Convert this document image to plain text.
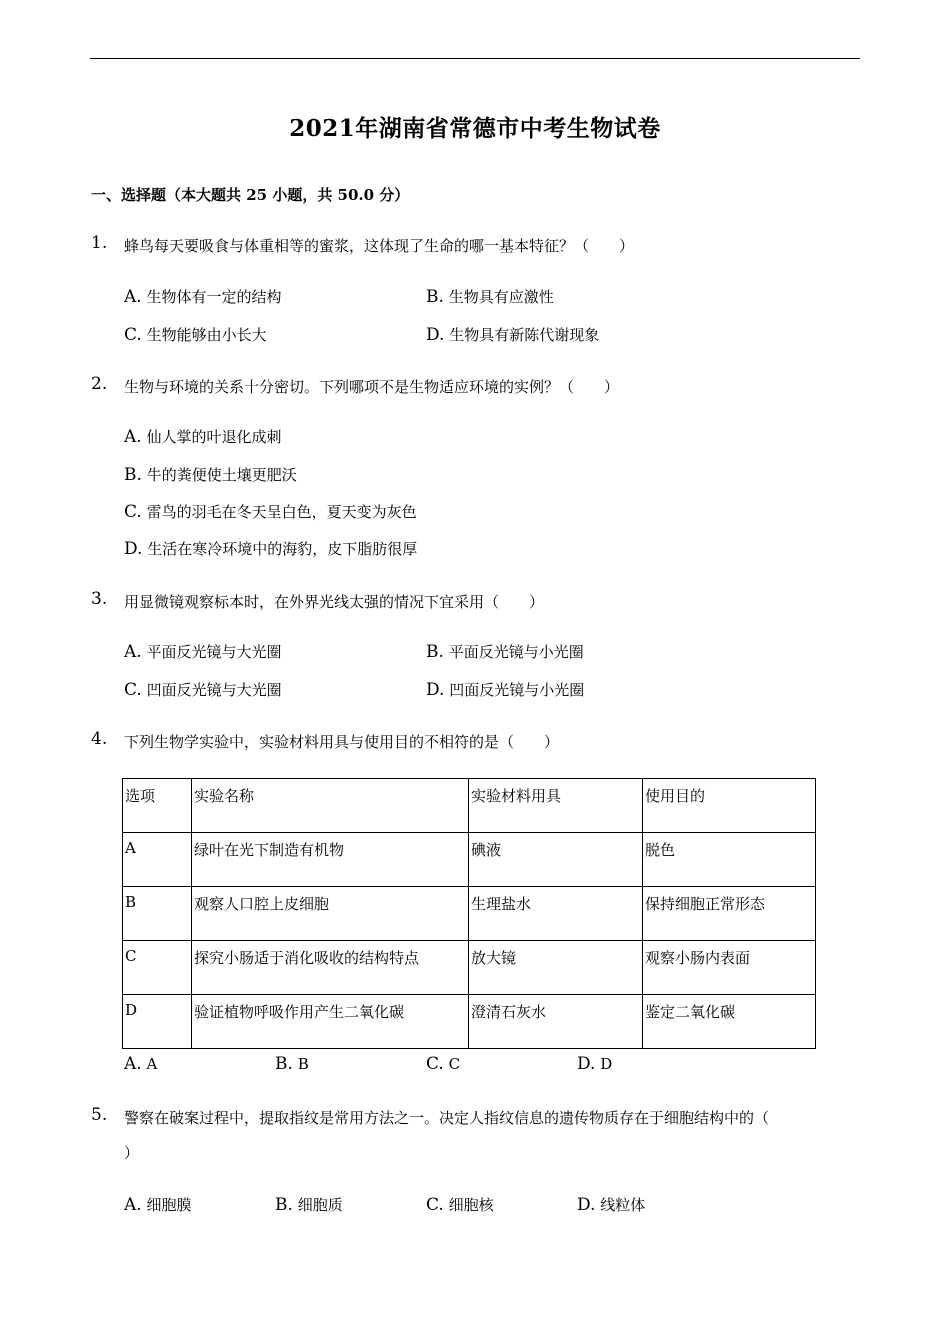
2021年湖南省常德市中考生物试卷
一、选择题（本大题共 25 小题，共 50.0 分）
1. 蜂鸟每天要吸食与体重相等的蜜浆，这体现了生命的哪一基本特征？（　　）
A. 生物体有一定的结构	B. 生物具有应激性
C. 生物能够由小长大	D. 生物具有新陈代谢现象
2. 生物与环境的关系十分密切。下列哪项不是生物适应环境的实例？（　　）
A. 仙人掌的叶退化成刺
B. 牛的粪便使土壤更肥沃
C. 雷鸟的羽毛在冬天呈白色，夏天变为灰色
D. 生活在寒冷环境中的海豹，皮下脂肪很厚
3. 用显微镜观察标本时，在外界光线太强的情况下宜采用（　　）
A. 平面反光镜与大光圈	B. 平面反光镜与小光圈
C. 凹面反光镜与大光圈	D. 凹面反光镜与小光圈
4. 下列生物学实验中，实验材料用具与使用目的不相符的是（　　）
选项	实验名称	实验材料用具	使用目的
A	绿叶在光下制造有机物	碘液	脱色
B	观察人口腔上皮细胞	生理盐水	保持细胞正常形态
C	探究小肠适于消化吸收的结构特点	放大镜	观察小肠内表面
D	验证植物呼吸作用产生二氧化碳	澄清石灰水	鉴定二氧化碳
A. A	B. B	C. C	D. D
5. 警察在破案过程中，提取指纹是常用方法之一。决定人指纹信息的遗传物质存在于细胞结构中的（
）
A. 细胞膜	B. 细胞质	C. 细胞核	D. 线粒体
